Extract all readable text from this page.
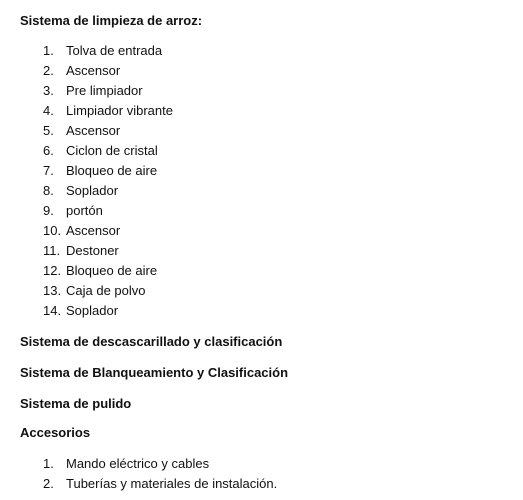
Sistema de limpieza de arroz:

1. Tolva de entrada
2. Ascensor
3. Pre limpiador
4. Limpiador vibrante
5. Ascensor
6. Ciclon de cristal
7. Bloqueo de aire
8. Soplador
9. portón
10. Ascensor
11. Destoner
12. Bloqueo de aire
13. Caja de polvo
14. Soplador

Sistema de descascarillado y clasificación

Sistema de Blanqueamiento y Clasificación

Sistema de pulido

Accesorios

1. Mando eléctrico y cables
2. Tuberías y materiales de instalación.
